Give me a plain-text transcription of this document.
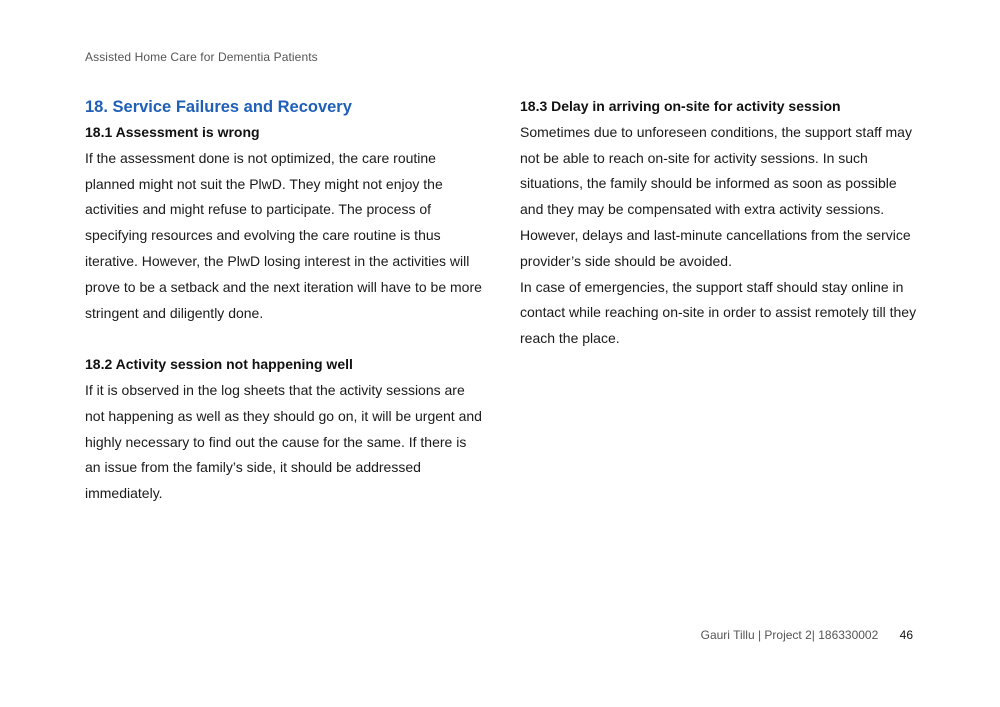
Assisted Home Care for Dementia Patients
18. Service Failures and Recovery
18.1 Assessment is wrong

If the assessment done is not optimized, the care routine planned might not suit the PlwD. They might not enjoy the activities and might refuse to participate. The process of specifying resources and evolving the care routine is thus iterative. However, the PlwD losing interest in the activities will prove to be a setback and the next iteration will have to be more stringent and diligently done.

18.2 Activity session not happening well

If it is observed in the log sheets that the activity sessions are not happening as well as they should go on, it will be urgent and highly necessary to find out the cause for the same. If there is an issue from the family’s side, it should be addressed immediately.

18.3 Delay in arriving on-site for activity session

Sometimes due to unforeseen conditions, the support staff may not be able to reach on-site for activity sessions. In such situations, the family should be informed as soon as possible and they may be compensated with extra activity sessions. However, delays and last-minute cancellations from the service provider’s side should be avoided.

In case of emergencies, the support staff should stay online in contact while reaching on-site in order to assist remotely till they reach the place.

Gauri Tillu | Project 2| 186330002 46
